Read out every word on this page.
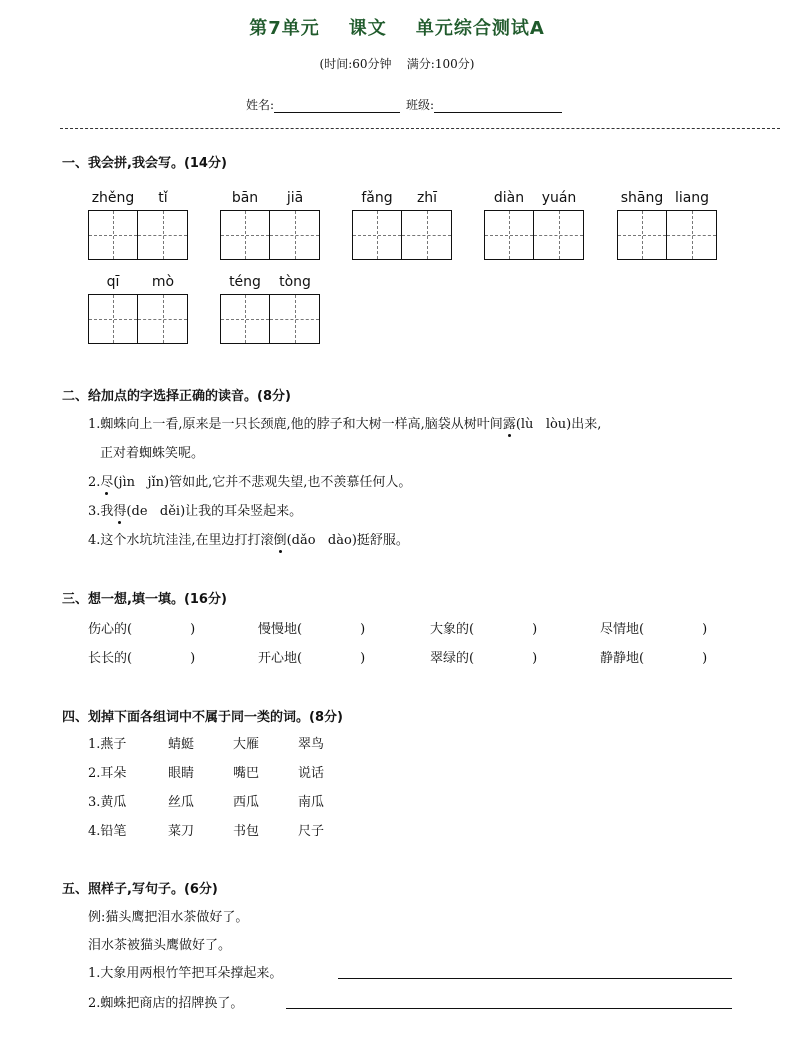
第7单元    课文    单元综合测试A
(时间:60分钟    满分:100分)
姓名:	班级:
一、我会拼,我会写。(14分)
zhěng	tǐ	bān	jiā	fǎng	zhī	diàn	yuán	shāng liang
qī	mò	téng	tòng
二、给加点的字选择正确的读音。(8分)
1.蜘蛛向上一看,原来是一只长颈鹿,他的脖子和大树一样高,脑袋从树叶间露(lù   lòu)出来,
正对着蜘蛛笑呢。
2.尽(jìn   jǐn)管如此,它并不悲观失望,也不羡慕任何人。
3.我得(de   děi)让我的耳朵竖起来。
4.这个水坑坑洼洼,在里边打打滚倒(dǎo   dào)挺舒服。
三、想一想,填一填。(16分)
伤心的(	)	慢慢地(	)	大象的(	)	尽情地(	)
长长的(	)	开心地(	)	翠绿的(	)	静静地(	)
四、划掉下面各组词中不属于同一类的词。(8分)
1.燕子	蜻蜓	大雁	翠鸟
2.耳朵	眼睛	嘴巴	说话
3.黄瓜	丝瓜	西瓜	南瓜
4.铅笔	菜刀	书包	尺子
五、照样子,写句子。(6分)
例:猫头鹰把泪水茶做好了。
泪水茶被猫头鹰做好了。
1.大象用两根竹竿把耳朵撑起来。
2.蜘蛛把商店的招牌换了。
